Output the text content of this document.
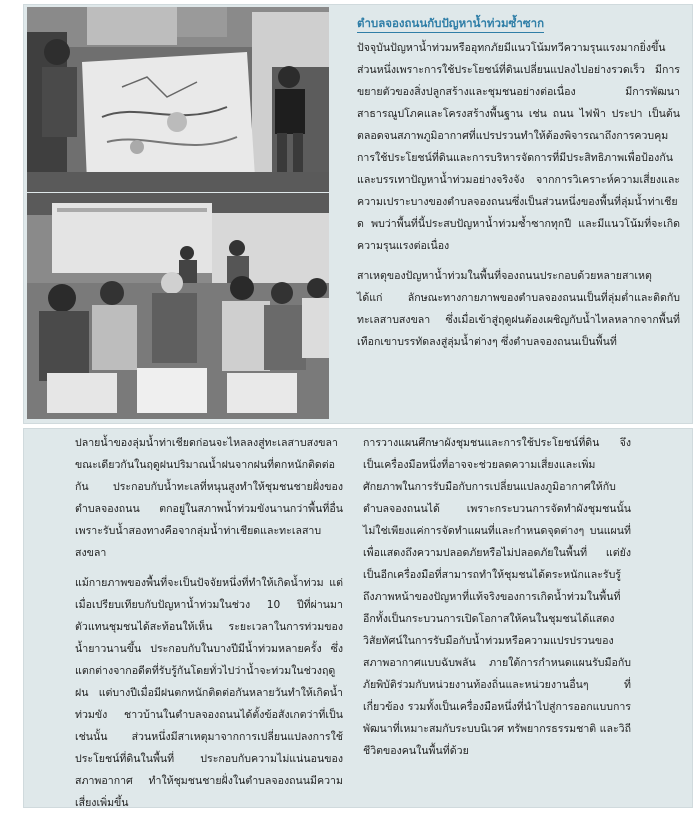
ตำบลจองถนนกับปัญหาน้ำท่วมซ้ำซาก

ปัจจุบันปัญหาน้ำท่วมหรืออุทกภัยมีแนวโน้มทวีความรุนแรงมากยิ่งขึ้น ส่วนหนึ่งเพราะการใช้ประโยชน์ที่ดินเปลี่ยนแปลงไปอย่างรวดเร็ว มีการขยายตัวของสิ่งปลูกสร้างและชุมชนอย่างต่อเนื่อง มีการพัฒนาสาธารณูปโภคและโครงสร้างพื้นฐาน เช่น ถนน ไฟฟ้า ประปา เป็นต้น ตลอดจนสภาพภูมิอากาศที่แปรปรวนทำให้ต้องพิจารณาถึงการควบคุมการใช้ประโยชน์ที่ดินและการบริหารจัดการที่มีประสิทธิภาพเพื่อป้องกันและบรรเทาปัญหาน้ำท่วมอย่างจริงจัง จากการวิเคราะห์ความเสี่ยงและความเปราะบางของตำบลจองถนนซึ่งเป็นส่วนหนึ่งของพื้นที่ลุ่มน้ำท่าเชียด พบว่าพื้นที่นี้ประสบปัญหาน้ำท่วมซ้ำซากทุกปี และมีแนวโน้มที่จะเกิดความรุนแรงต่อเนื่อง

สาเหตุของปัญหาน้ำท่วมในพื้นที่จองถนนประกอบด้วยหลายสาเหตุ ได้แก่ ลักษณะทางกายภาพของตำบลจองถนนเป็นที่ลุ่มต่ำและติดกับทะเลสาบสงขลา ซึ่งเมื่อเข้าสู่ฤดูฝนต้องเผชิญกับน้ำไหลหลากจากพื้นที่เทือกเขาบรรทัดลงสู่ลุ่มน้ำต่างๆ ซึ่งตำบลจองถนนเป็นพื้นที่

ปลายน้ำของลุ่มน้ำท่าเชียดก่อนจะไหลลงสู่ทะเลสาบสงขลา ขณะเดียวกันในฤดูฝนปริมาณน้ำฝนจากฝนที่ตกหนักติดต่อกัน ประกอบกับน้ำทะเลที่หนุนสูงทำให้ชุมชนชายฝั่งของตำบลจองถนน ตกอยู่ในสภาพน้ำท่วมขังนานกว่าพื้นที่อื่น เพราะรับน้ำสองทางคือจากลุ่มน้ำท่าเชียดและทะเลสาบสงขลา

แม้กายภาพของพื้นที่จะเป็นปัจจัยหนึ่งที่ทำให้เกิดน้ำท่วม แต่เมื่อเปรียบเทียบกับปัญหาน้ำท่วมในช่วง 10 ปีที่ผ่านมา ตัวแทนชุมชนได้สะท้อนให้เห็น ระยะเวลาในการท่วมของน้ำยาวนานขึ้น ประกอบกับในบางปีมีน้ำท่วมหลายครั้ง ซึ่งแตกต่างจากอดีตที่รับรู้กันโดยทั่วไปว่าน้ำจะท่วมในช่วงฤดูฝน แต่บางปีเมื่อมีฝนตกหนักติดต่อกันหลายวันทำให้เกิดน้ำท่วมขัง ชาวบ้านในตำบลจองถนนได้ตั้งข้อสังเกตว่าที่เป็นเช่นนั้น ส่วนหนึ่งมีสาเหตุมาจากการเปลี่ยนแปลงการใช้ประโยชน์ที่ดินในพื้นที่ ประกอบกับความไม่แน่นอนของสภาพอากาศ ทำให้ชุมชนชายฝั่งในตำบลจองถนนมีความเสี่ยงเพิ่มขึ้น

การวางแผนศึกษาผังชุมชนและการใช้ประโยชน์ที่ดิน จึงเป็นเครื่องมือหนึ่งที่อาจจะช่วยลดความเสี่ยงและเพิ่มศักยภาพในการรับมือกับการเปลี่ยนแปลงภูมิอากาศให้กับตำบลจองถนนได้ เพราะกระบวนการจัดทำผังชุมชนนั้นไม่ใช่เพียงแค่การจัดทำแผนที่และกำหนดจุดต่างๆ บนแผนที่เพื่อแสดงถึงความปลอดภัยหรือไม่ปลอดภัยในพื้นที่ แต่ยังเป็นอีกเครื่องมือที่สามารถทำให้ชุมชนได้ตระหนักและรับรู้ถึงภาพหน้าของปัญหาที่แท้จริงของการเกิดน้ำท่วมในพื้นที่ อีกทั้งเป็นกระบวนการเปิดโอกาสให้คนในชุมชนได้แสดงวิสัยทัศน์ในการรับมือกับน้ำท่วมหรือความแปรปรวนของสภาพอากาศแบบฉับพลัน ภายใต้การกำหนดแผนรับมือกับภัยพิบัติร่วมกับหน่วยงานท้องถิ่นและหน่วยงานอื่นๆ ที่เกี่ยวข้อง รวมทั้งเป็นเครื่องมือหนึ่งที่นำไปสู่การออกแบบการพัฒนาที่เหมาะสมกับระบบนิเวศ ทรัพยากรธรรมชาติ และวิถีชีวิตของคนในพื้นที่ด้วย
